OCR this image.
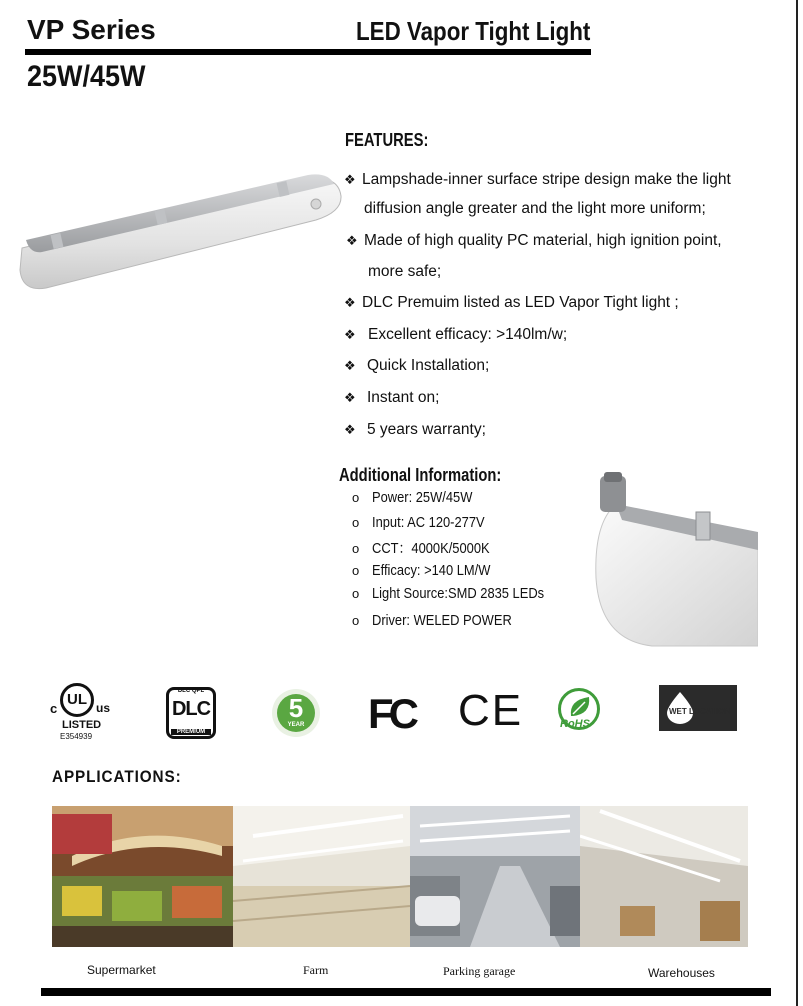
VP Series	LED Vapor Tight Light
25W/45W
FEATURES:
❖ Lampshade-inner surface stripe design make the light
diffusion angle greater and the light more uniform;
❖ Made of high quality PC material, high ignition point,
more safe;
❖ DLC Premuim listed as LED Vapor Tight light ;
❖ Excellent efficacy: >140lm/w;
❖ Quick Installation;
❖ Instant on;
❖ 5 years warranty;
Additional Information:
o Power: 25W/45W
o Input: AC 120-277V
o CCT：4000K/5000K
o Efficacy: >140 LM/W
o Light Source:SMD 2835 LEDs
o Driver: WELED POWER
c
UL us
LISTED
E354939
DLC QPL
DLC
PREMIUM
5
YEAR	FC CE	RoHS
WET LOCATION
APPLICATIONS:
Supermarket	Farm	Parking garage	Warehouses
